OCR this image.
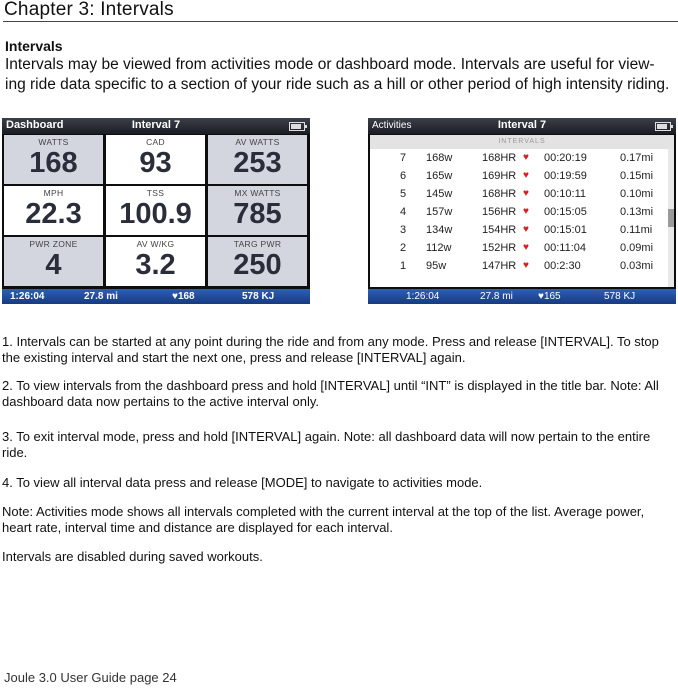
Chapter 3: Intervals
Intervals
Intervals may be viewed from activities mode or dashboard mode. Intervals are useful for view-ing ride data specific to a section of your ride such as a hill or other period of high intensity riding.
Dashboard	Interval 7
WATTS
168
CAD
93
AV WATTS
253
MPH
22.3
TSS
100.9
MX WATTS
785
PWR ZONE
4
AV W/KG
3.2
TARG PWR
250
1:26:04	27.8 mi	♥168	578 KJ
Activities	Interval 7
INTERVALS
7 168w	168HR ♥ 00:20:19	0.17mi
6 165w	169HR ♥ 00:19:59	0.15mi
5 145w	168HR ♥ 00:10:11	0.10mi
4 157w	156HR ♥ 00:15:05	0.13mi
3 134w	154HR ♥ 00:15:01	0.11mi
2 112w	152HR ♥ 00:11:04	0.09mi
1 95w	147HR ♥ 00:2:30	0.03mi
1:26:04	27.8 mi	♥165	578 KJ
1. Intervals can be started at any point during the ride and from any mode. Press and release [INTERVAL]. To stop the existing interval and start the next one, press and release [INTERVAL] again.
2. To view intervals from the dashboard press and hold [INTERVAL] until “INT” is displayed in the title bar. Note: All dashboard data now pertains to the active interval only.
3. To exit interval mode, press and hold [INTERVAL] again. Note: all dashboard data will now pertain to the entire ride.
4. To view all interval data press and release [MODE] to navigate to activities mode.
Note: Activities mode shows all intervals completed with the current interval at the top of the list. Average power, heart rate, interval time and distance are displayed for each interval.
Intervals are disabled during saved workouts.
Joule 3.0 User Guide page 24
